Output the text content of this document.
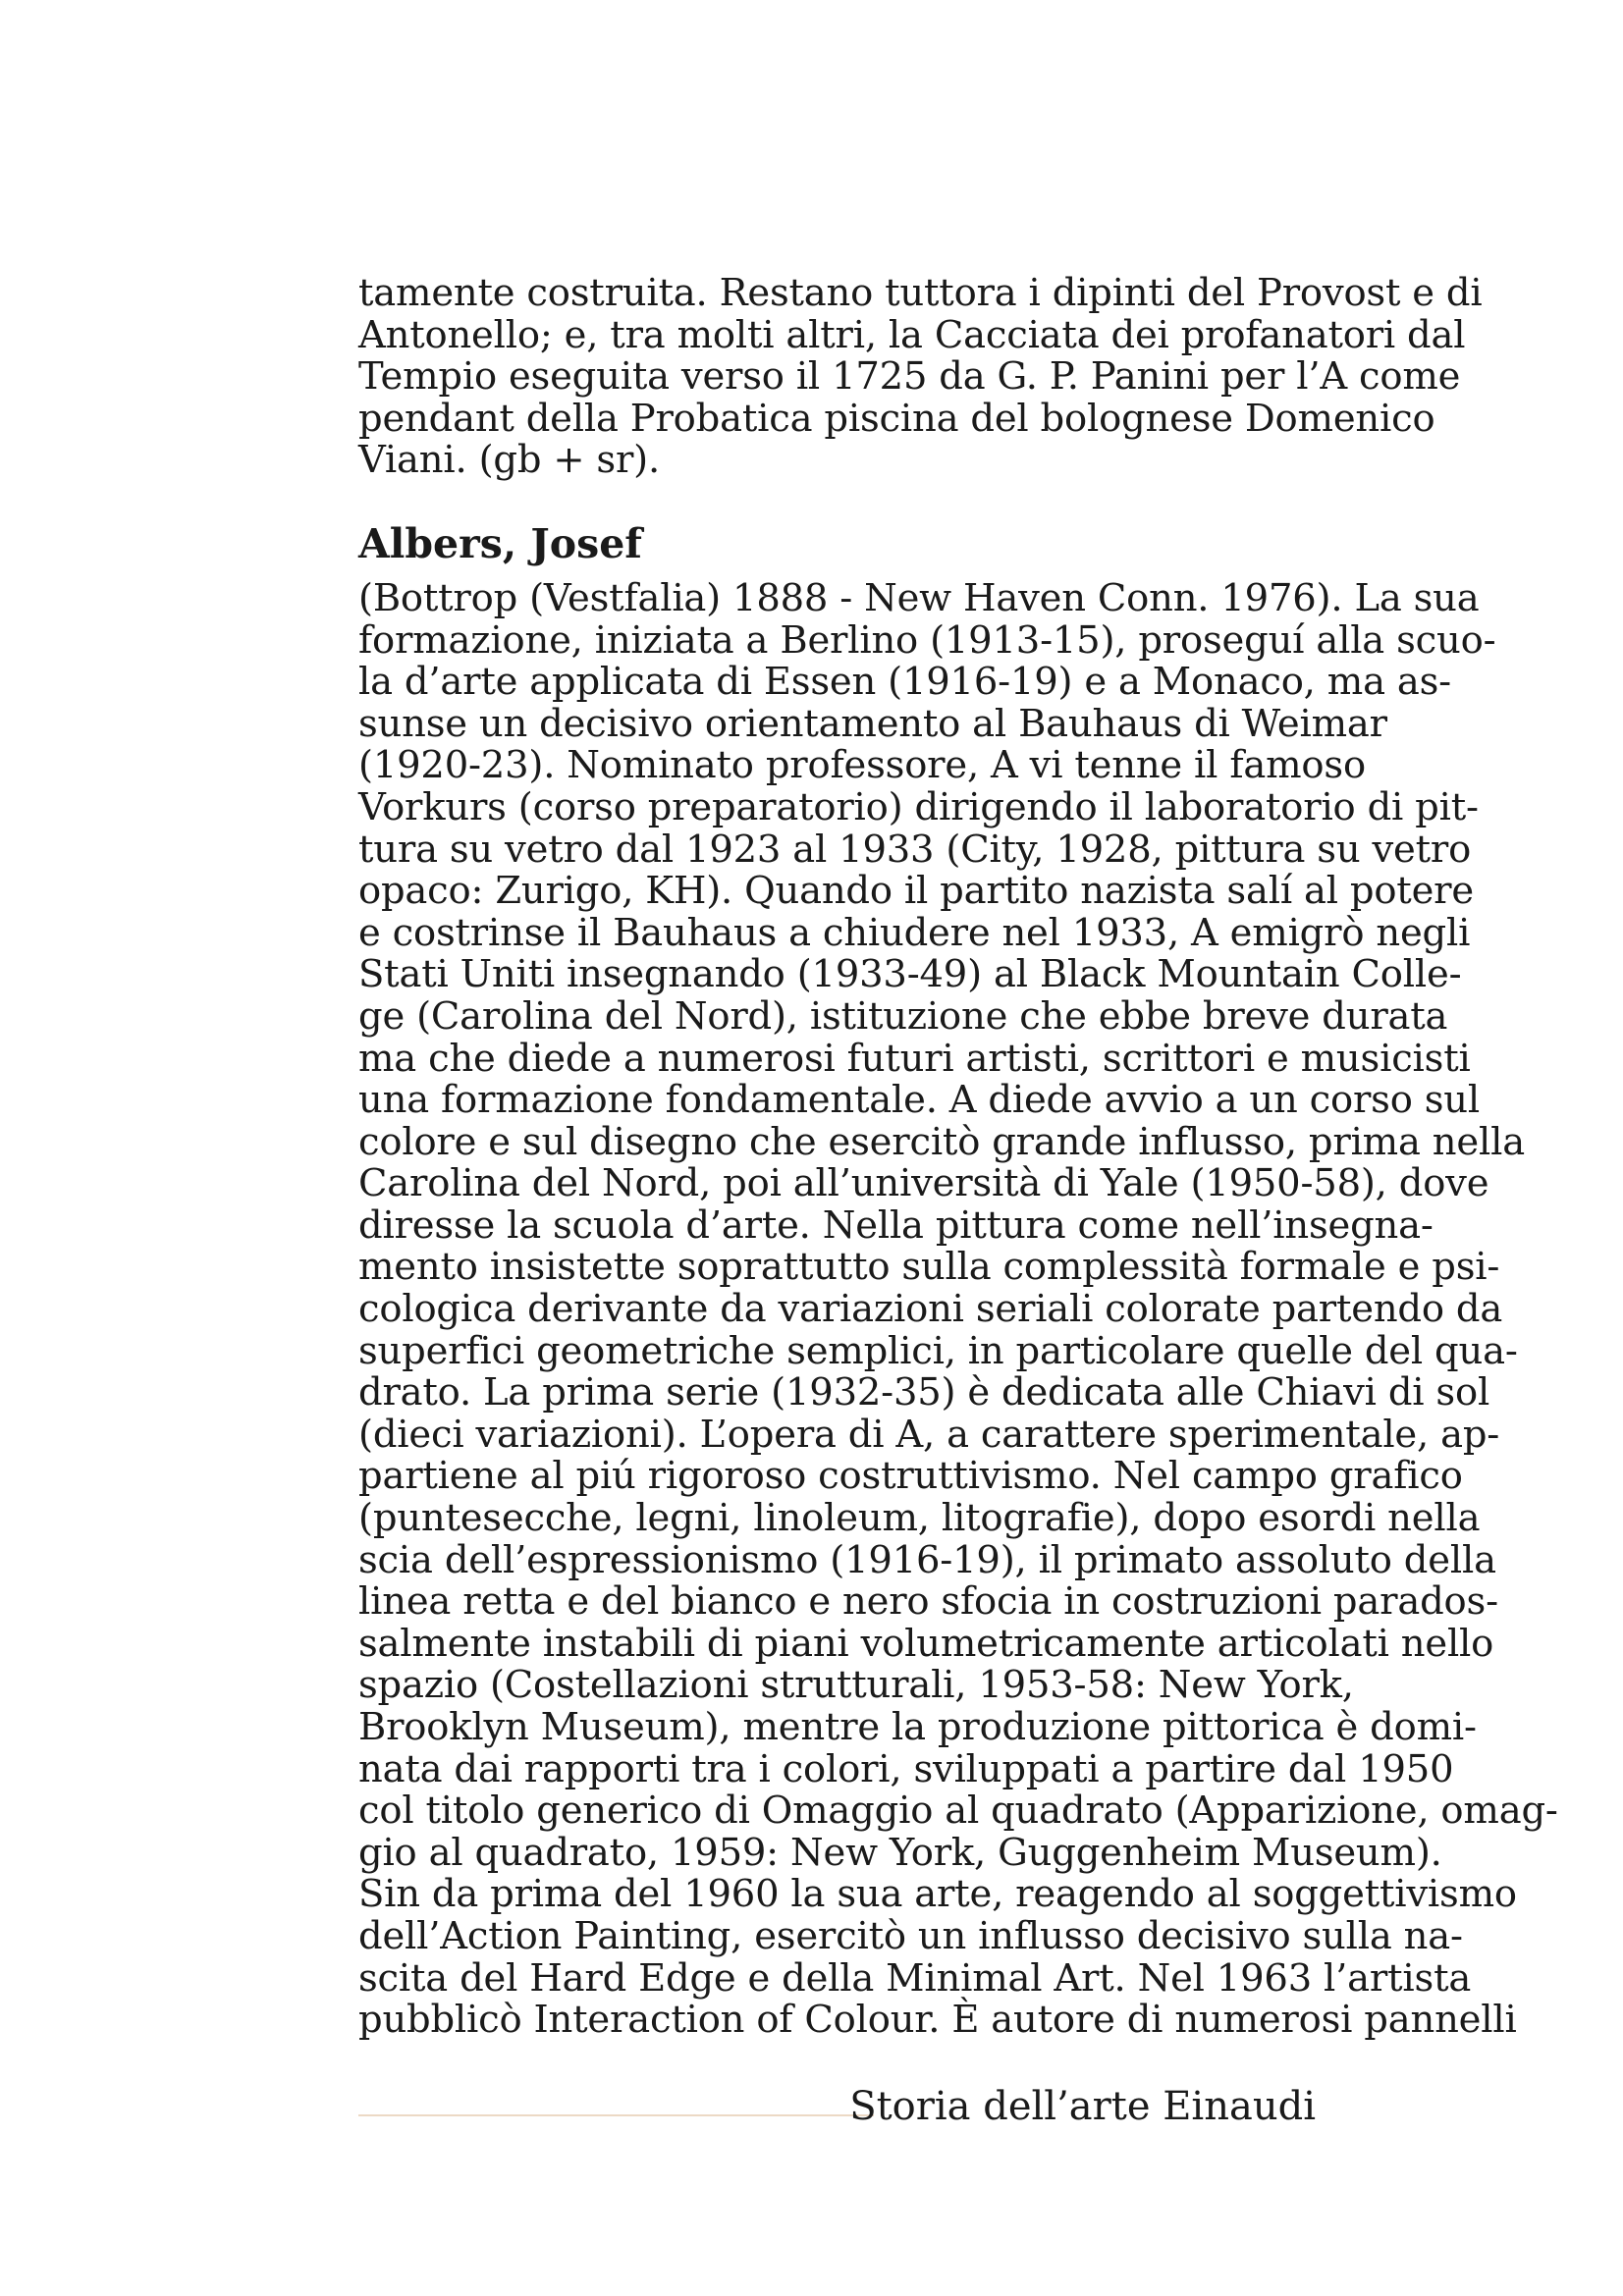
tamente costruita. Restano tuttora i dipinti del Provost e di
Antonello; e, tra molti altri, la Cacciata dei profanatori dal
Tempio eseguita verso il 1725 da G. P. Panini per l’A come
pendant della Probatica piscina del bolognese Domenico
Viani. (gb + sr).
Albers, Josef
(Bottrop (Vestfalia) 1888 - New Haven Conn. 1976). La sua
formazione, iniziata a Berlino (1913-15), proseguí alla scuo-
la d’arte applicata di Essen (1916-19) e a Monaco, ma as-
sunse un decisivo orientamento al Bauhaus di Weimar
(1920-23). Nominato professore, A vi tenne il famoso
Vorkurs (corso preparatorio) dirigendo il laboratorio di pit-
tura su vetro dal 1923 al 1933 (City, 1928, pittura su vetro
opaco: Zurigo, KH). Quando il partito nazista salí al potere
e costrinse il Bauhaus a chiudere nel 1933, A emigrò negli
Stati Uniti insegnando (1933-49) al Black Mountain Colle-
ge (Carolina del Nord), istituzione che ebbe breve durata
ma che diede a numerosi futuri artisti, scrittori e musicisti
una formazione fondamentale. A diede avvio a un corso sul
colore e sul disegno che esercitò grande influsso, prima nella
Carolina del Nord, poi all’università di Yale (1950-58), dove
diresse la scuola d’arte. Nella pittura come nell’insegna-
mento insistette soprattutto sulla complessità formale e psi-
cologica derivante da variazioni seriali colorate partendo da
superfici geometriche semplici, in particolare quelle del qua-
drato. La prima serie (1932-35) è dedicata alle Chiavi di sol
(dieci variazioni). L’opera di A, a carattere sperimentale, ap-
partiene al piú rigoroso costruttivismo. Nel campo grafico
(puntesecche, legni, linoleum, litografie), dopo esordi nella
scia dell’espressionismo (1916-19), il primato assoluto della
linea retta e del bianco e nero sfocia in costruzioni parados-
salmente instabili di piani volumetricamente articolati nello
spazio (Costellazioni strutturali, 1953-58: New York,
Brooklyn Museum), mentre la produzione pittorica è domi-
nata dai rapporti tra i colori, sviluppati a partire dal 1950
col titolo generico di Omaggio al quadrato (Apparizione, omag-
gio al quadrato, 1959: New York, Guggenheim Museum).
Sin da prima del 1960 la sua arte, reagendo al soggettivismo
dell’Action Painting, esercitò un influsso decisivo sulla na-
scita del Hard Edge e della Minimal Art. Nel 1963 l’artista
pubblicò Interaction of Colour. È autore di numerosi pannelli
Storia dell’arte Einaudi
